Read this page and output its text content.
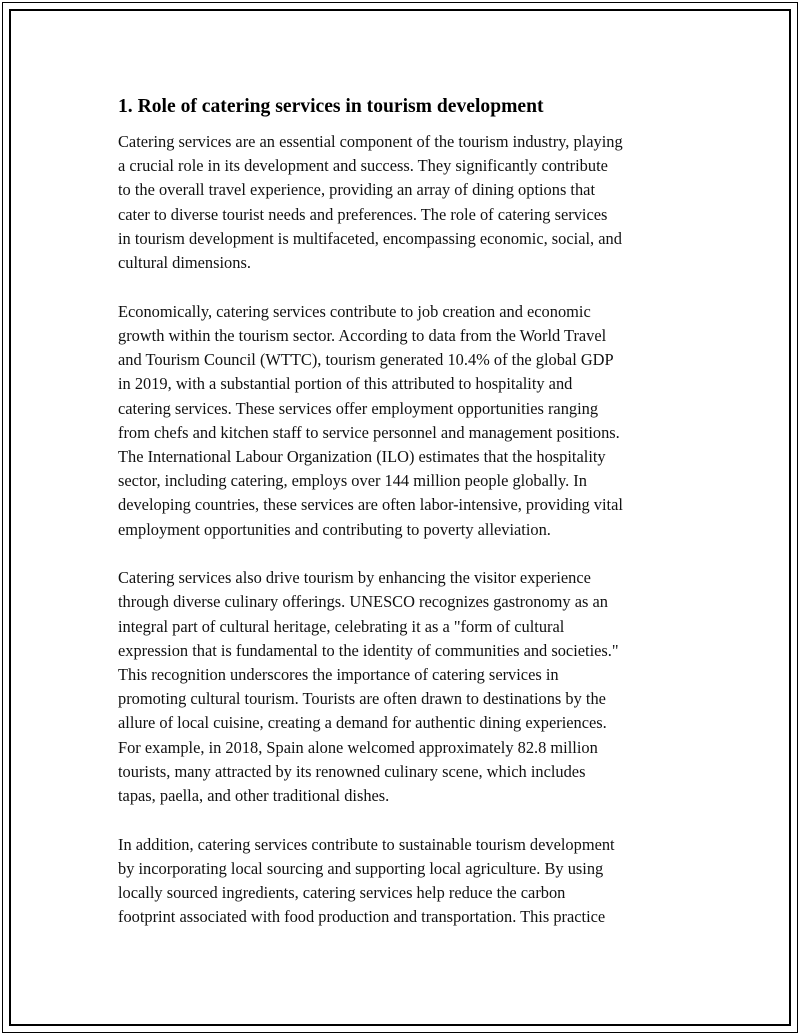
1. Role of catering services in tourism development

Catering services are an essential component of the tourism industry, playing
a crucial role in its development and success. They significantly contribute
to the overall travel experience, providing an array of dining options that
cater to diverse tourist needs and preferences. The role of catering services
in tourism development is multifaceted, encompassing economic, social, and
cultural dimensions.

Economically, catering services contribute to job creation and economic
growth within the tourism sector. According to data from the World Travel
and Tourism Council (WTTC), tourism generated 10.4% of the global GDP
in 2019, with a substantial portion of this attributed to hospitality and
catering services. These services offer employment opportunities ranging
from chefs and kitchen staff to service personnel and management positions.
The International Labour Organization (ILO) estimates that the hospitality
sector, including catering, employs over 144 million people globally. In
developing countries, these services are often labor-intensive, providing vital
employment opportunities and contributing to poverty alleviation.

Catering services also drive tourism by enhancing the visitor experience
through diverse culinary offerings. UNESCO recognizes gastronomy as an
integral part of cultural heritage, celebrating it as a "form of cultural
expression that is fundamental to the identity of communities and societies."
This recognition underscores the importance of catering services in
promoting cultural tourism. Tourists are often drawn to destinations by the
allure of local cuisine, creating a demand for authentic dining experiences.
For example, in 2018, Spain alone welcomed approximately 82.8 million
tourists, many attracted by its renowned culinary scene, which includes
tapas, paella, and other traditional dishes.

In addition, catering services contribute to sustainable tourism development
by incorporating local sourcing and supporting local agriculture. By using
locally sourced ingredients, catering services help reduce the carbon
footprint associated with food production and transportation. This practice
